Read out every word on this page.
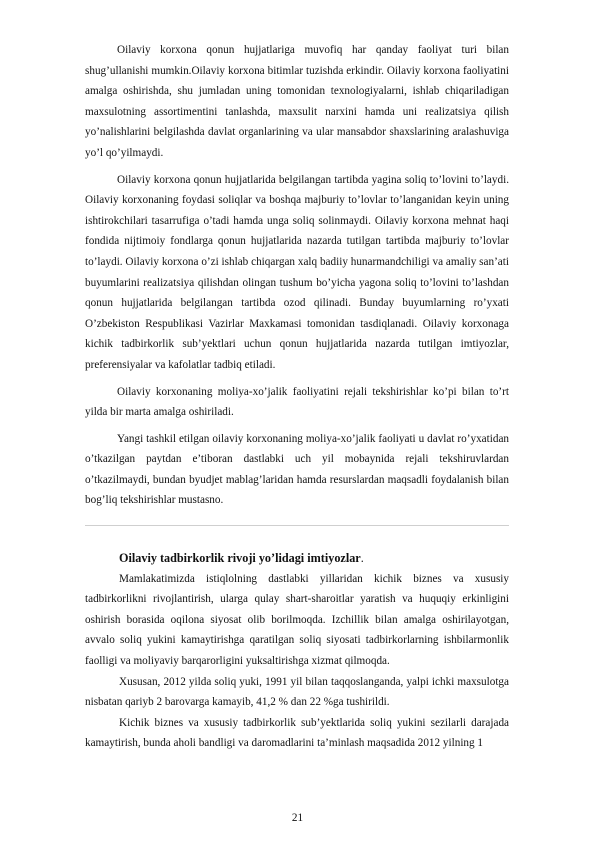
Oilaviy korxona qonun hujjatlariga muvofiq har qanday faoliyat turi bilan shug’ullanishi mumkin.Oilaviy korxona bitimlar tuzishda erkindir. Oilaviy korxona faoliyatini amalga oshirishda, shu jumladan uning tomonidan texnologiyalarni, ishlab chiqariladigan maxsulotning assortimentini tanlashda, maxsulit narxini hamda uni realizatsiya qilish yo’nalishlarini belgilashda davlat organlarining va ular mansabdor shaxslarining aralashuviga yo’l qo’yilmaydi.

Oilaviy korxona qonun hujjatlarida belgilangan tartibda yagina soliq to’lovini to’laydi. Oilaviy korxonaning foydasi soliqlar va boshqa majburiy to’lovlar to’langanidan keyin uning ishtirokchilari tasarrufiga o’tadi hamda unga soliq solinmaydi. Oilaviy korxona mehnat haqi fondida nijtimoiy fondlarga qonun hujjatlarida nazarda tutilgan tartibda majburiy to’lovlar to’laydi. Oilaviy korxona o’zi ishlab chiqargan xalq badiiy hunarmandchiligi va amaliy san’ati buyumlarini realizatsiya qilishdan olingan tushum bo’yicha yagona soliq to’lovini to’lashdan qonun hujjatlarida belgilangan tartibda ozod qilinadi. Bunday buyumlarning ro’yxati O’zbekiston Respublikasi Vazirlar Maxkamasi tomonidan tasdiqlanadi. Oilaviy korxonaga kichik tadbirkorlik sub’yektlari uchun qonun hujjatlarida nazarda tutilgan imtiyozlar, preferensiyalar va kafolatlar tadbiq etiladi.

Oilaviy korxonaning moliya-xo’jalik faoliyatini rejali tekshirishlar ko’pi bilan to’rt yilda bir marta amalga oshiriladi.

Yangi tashkil etilgan oilaviy korxonaning moliya-xo’jalik faoliyati u davlat ro’yxatidan o’tkazilgan paytdan e’tiboran dastlabki uch yil mobaynida rejali tekshiruvlardan o’tkazilmaydi, bundan byudjet mablag’laridan hamda resurslardan maqsadli foydalanish bilan bog’liq tekshirishlar mustasno.

Oilaviy tadbirkorlik rivoji yo’lidagi imtiyozlar.

Mamlakatimizda istiqlolning dastlabki yillaridan kichik biznes va xususiy tadbirkorlikni rivojlantirish, ularga qulay shart-sharoitlar yaratish va huquqiy erkinligini oshirish borasida oqilona siyosat olib borilmoqda. Izchillik bilan amalga oshirilayotgan, avvalo soliq yukini kamaytirishga qaratilgan soliq siyosati tadbirkorlarning ishbilarmonlik faolligi va moliyaviy barqarorligini yuksaltirishga xizmat qilmoqda.

Xususan, 2012 yilda soliq yuki, 1991 yil bilan taqqoslanganda, yalpi ichki maxsulotga nisbatan qariyb 2 barovarga kamayib, 41,2 % dan 22 %ga tushirildi.

Kichik biznes va xususiy tadbirkorlik sub’yektlarida soliq yukini sezilarli darajada kamaytirish, bunda aholi bandligi va daromadlarini ta’minlash maqsadida 2012 yilning 1

21
